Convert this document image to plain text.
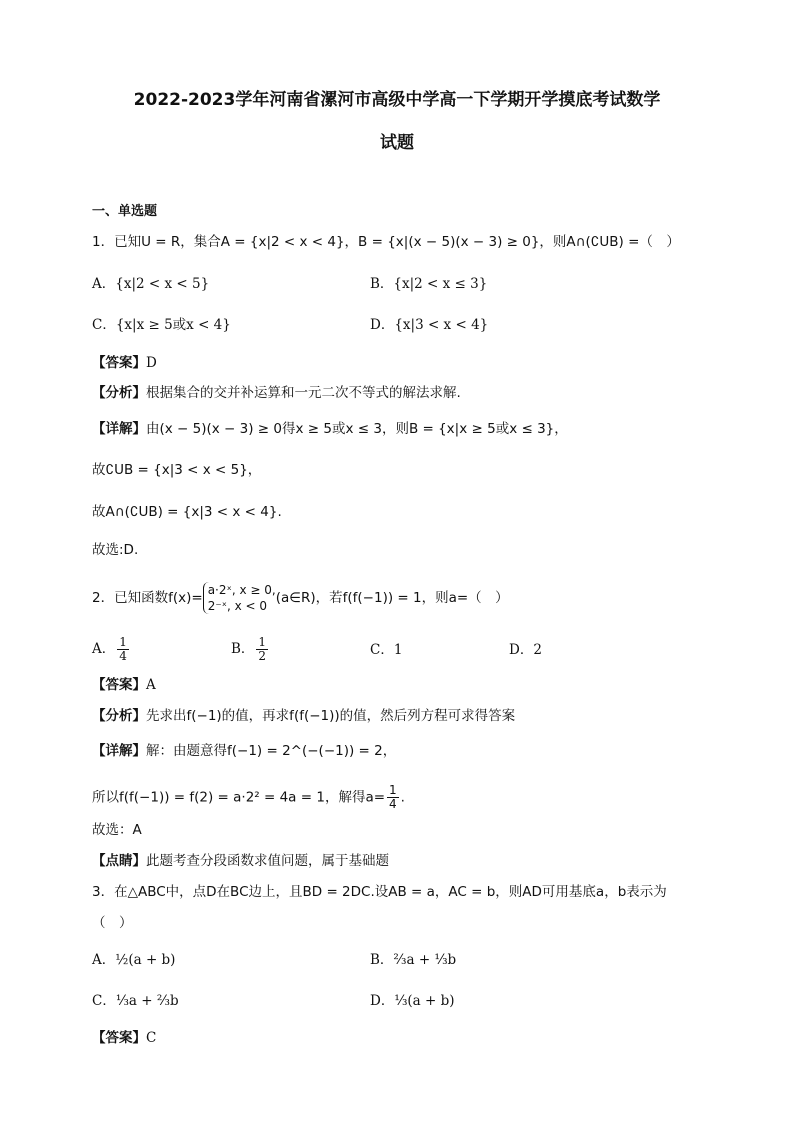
2022-2023学年河南省漯河市高级中学高一下学期开学摸底考试数学
试题
一、单选题
1．已知U = R，集合A = {x|2 < x < 4}，B = {x|(x − 5)(x − 3) ≥ 0}，则A∩(∁UB) =（　）
A．{x|2 < x < 5}	B．{x|2 < x ≤ 3}
C．{x|x ≥ 5或x < 4}	D．{x|3 < x < 4}
【答案】D
【分析】根据集合的交并补运算和一元二次不等式的解法求解.
【详解】由(x − 5)(x − 3) ≥ 0得x ≥ 5或x ≤ 3，则B = {x|x ≥ 5或x ≤ 3}，
故∁UB = {x|3 < x < 5}，
故A∩(∁UB) = {x|3 < x < 4}.
故选:D.
2．已知函数f(x)= a·2ˣ, x ≥ 0,
2⁻ˣ, x < 0 (a∈R)，若f(f(−1)) = 1，则a=（　）
A． $\frac{1}{4}$	B． $\frac{1}{2}$	C．1	D．2
【答案】A
【分析】先求出f(−1)的值，再求f(f(−1))的值，然后列方程可求得答案
【详解】解：由题意得f(−1) = 2^(−(−1)) = 2，
所以f(f(−1)) = f(2) = a·2² = 4a = 1，解得$a= \frac{1}{4}$ .
故选：A
【点睛】此题考查分段函数求值问题，属于基础题
3．在△ABC中，点D在BC边上，且BD = 2DC.设AB = a，AC = b，则AD可用基底a，b表示为
（　）
A．½(a + b)	B．⅔a + ⅓b
C．⅓a + ⅔b	D．⅓(a + b)
【答案】C
